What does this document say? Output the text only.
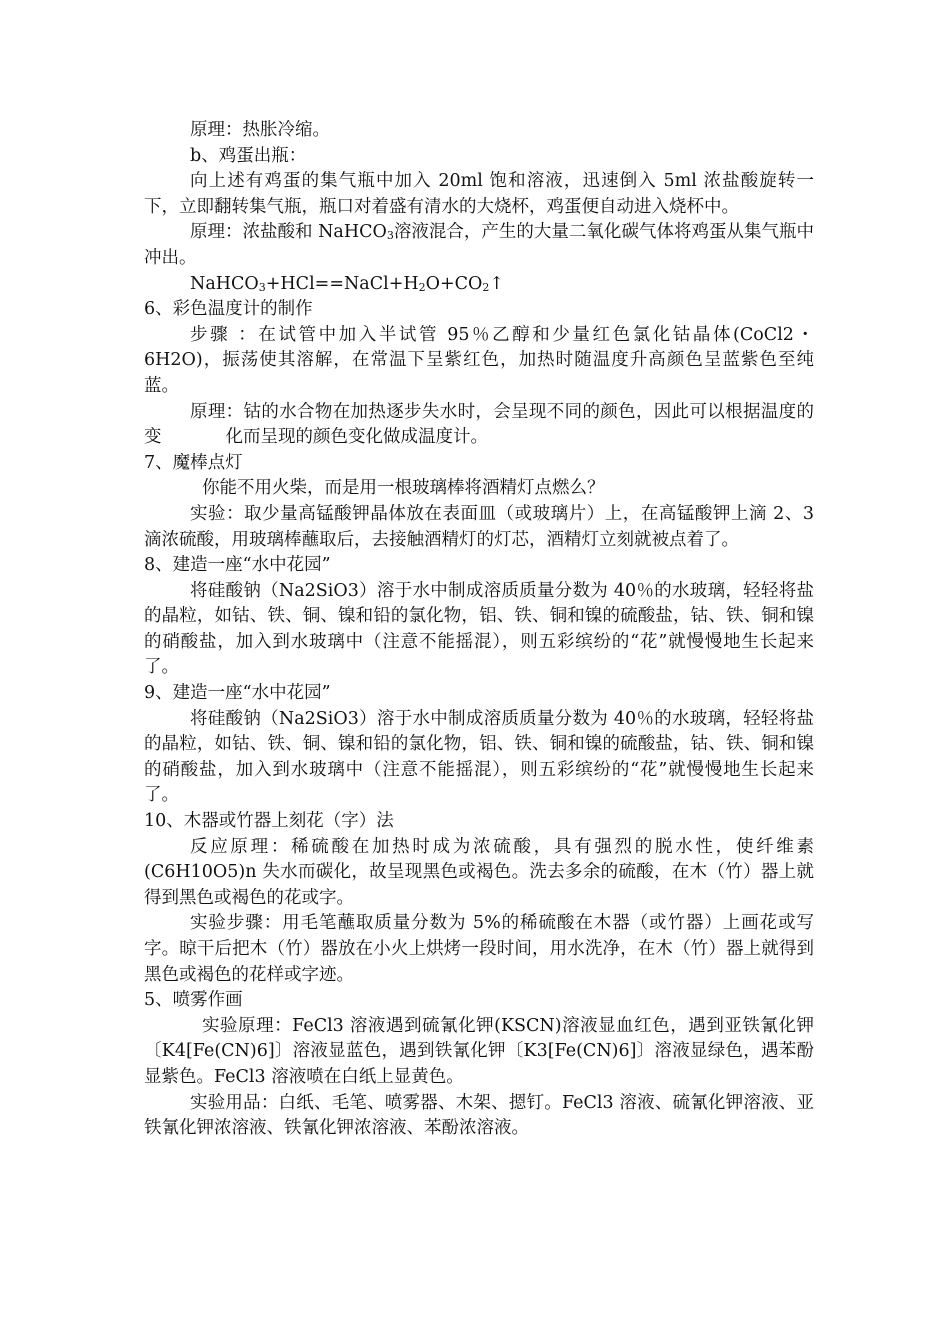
原理：热胀冷缩。

b、鸡蛋出瓶：

向上述有鸡蛋的集气瓶中加入 20ml 饱和溶液，迅速倒入 5ml 浓盐酸旋转一下，立即翻转集气瓶，瓶口对着盛有清水的大烧杯，鸡蛋便自动进入烧杯中。

原理：浓盐酸和 NaHCO3溶液混合，产生的大量二氧化碳气体将鸡蛋从集气瓶中冲出。

NaHCO3+HCl==NaCl+H2O+CO2↑

6、彩色温度计的制作

步骤 ：在试管中加入半试管 95％乙醇和少量红色氯化钴晶体(CoCl2・6H2O)，振荡使其溶解，在常温下呈紫红色，加热时随温度升高颜色呈蓝紫色至纯蓝。

原理：钴的水合物在加热逐步失水时，会呈现不同的颜色，因此可以根据温度的变	化而呈现的颜色变化做成温度计。

7、魔棒点灯

你能不用火柴，而是用一根玻璃棒将酒精灯点燃么？

实验：取少量高锰酸钾晶体放在表面皿（或玻璃片）上，在高锰酸钾上滴 2、3 滴浓硫酸，用玻璃棒蘸取后，去接触酒精灯的灯芯，酒精灯立刻就被点着了。

8、建造一座“水中花园”

将硅酸钠（Na2SiO3）溶于水中制成溶质质量分数为 40％的水玻璃，轻轻将盐的晶粒，如钴、铁、铜、镍和铅的氯化物，铝、铁、铜和镍的硫酸盐，钴、铁、铜和镍的硝酸盐，加入到水玻璃中（注意不能摇混），则五彩缤纷的“花”就慢慢地生长起来了。

9、建造一座“水中花园”

将硅酸钠（Na2SiO3）溶于水中制成溶质质量分数为 40％的水玻璃，轻轻将盐的晶粒，如钴、铁、铜、镍和铅的氯化物，铝、铁、铜和镍的硫酸盐，钴、铁、铜和镍的硝酸盐，加入到水玻璃中（注意不能摇混），则五彩缤纷的“花”就慢慢地生长起来了。

10、木器或竹器上刻花（字）法

反应原理：稀硫酸在加热时成为浓硫酸，具有强烈的脱水性，使纤维素(C6H10O5)n 失水而碳化，故呈现黑色或褐色。洗去多余的硫酸，在木（竹）器上就得到黑色或褐色的花或字。

实验步骤：用毛笔蘸取质量分数为 5%的稀硫酸在木器（或竹器）上画花或写字。晾干后把木（竹）器放在小火上烘烤一段时间，用水洗净，在木（竹）器上就得到黑色或褐色的花样或字迹。

5、喷雾作画

实验原理：FeCl3 溶液遇到硫氰化钾(KSCN)溶液显血红色，遇到亚铁氰化钾〔K4[Fe(CN)6]〕溶液显蓝色，遇到铁氰化钾〔K3[Fe(CN)6]〕溶液显绿色，遇苯酚显紫色。FeCl3 溶液喷在白纸上显黄色。

实验用品：白纸、毛笔、喷雾器、木架、摁钉。FeCl3 溶液、硫氰化钾溶液、亚铁氰化钾浓溶液、铁氰化钾浓溶液、苯酚浓溶液。
